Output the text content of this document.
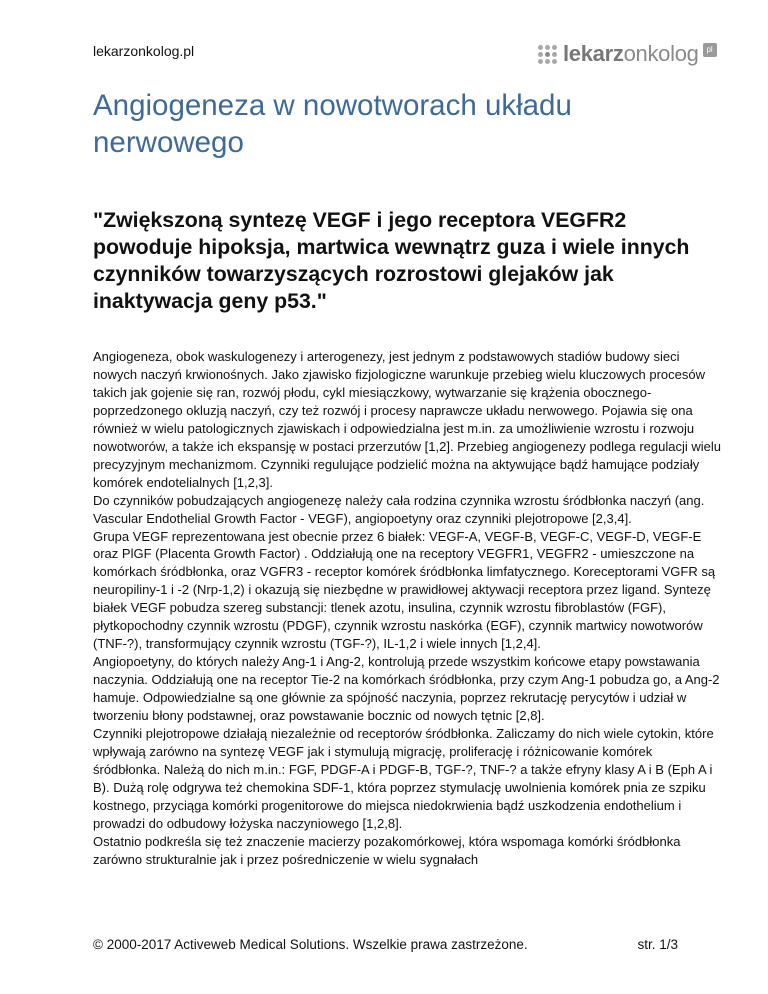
lekarzonkolog.pl	lekarzonkolog pl
Angiogeneza w nowotworach układu nerwowego
"Zwiększoną syntezę VEGF i jego receptora VEGFR2 powoduje hipoksja, martwica wewnątrz guza i wiele innych czynników towarzyszących rozrostowi glejaków jak inaktywacja geny p53."

Angiogeneza, obok waskulogenezy i arterogenezy, jest jednym z podstawowych stadiów budowy sieci nowych naczyń krwionośnych. Jako zjawisko fizjologiczne warunkuje przebieg wielu kluczowych procesów takich jak gojenie się ran, rozwój płodu, cykl miesiączkowy, wytwarzanie się krążenia obocznego- poprzedzonego okluzją naczyń, czy też rozwój i procesy naprawcze układu nerwowego. Pojawia się ona również w wielu patologicznych zjawiskach i odpowiedzialna jest m.in. za umożliwienie wzrostu i rozwoju nowotworów, a także ich ekspansję w postaci przerzutów [1,2]. Przebieg angiogenezy podlega regulacji wielu precyzyjnym mechanizmom. Czynniki regulujące podzielić można na aktywujące bądź hamujące podziały komórek endotelialnych [1,2,3].

Do czynników pobudzających angiogenezę należy cała rodzina czynnika wzrostu śródbłonka naczyń (ang. Vascular Endothelial Growth Factor - VEGF), angiopoetyny oraz czynniki plejotropowe [2,3,4].

Grupa VEGF reprezentowana jest obecnie przez 6 białek: VEGF-A, VEGF-B, VEGF-C, VEGF-D, VEGF-E oraz PlGF (Placenta Growth Factor) . Oddziałują one na receptory VEGFR1, VEGFR2 - umieszczone na komórkach śródbłonka, oraz VGFR3 - receptor komórek śródbłonka limfatycznego. Koreceptorami VGFR są neuropiliny-1 i -2 (Nrp-1,2) i okazują się niezbędne w prawidłowej aktywacji receptora przez ligand. Syntezę białek VEGF pobudza szereg substancji: tlenek azotu, insulina, czynnik wzrostu fibroblastów (FGF), płytkopochodny czynnik wzrostu (PDGF), czynnik wzrostu naskórka (EGF), czynnik martwicy nowotworów (TNF-?), transformujący czynnik wzrostu (TGF-?), IL-1,2 i wiele innych [1,2,4].

Angiopoetyny, do których należy Ang-1 i Ang-2, kontrolują przede wszystkim końcowe etapy powstawania naczynia. Oddziałują one na receptor Tie-2 na komórkach śródbłonka, przy czym Ang-1 pobudza go, a Ang-2 hamuje. Odpowiedzialne są one głównie za spójność naczynia, poprzez rekrutację perycytów i udział w tworzeniu błony podstawnej, oraz powstawanie bocznic od nowych tętnic [2,8].

Czynniki plejotropowe działają niezależnie od receptorów śródbłonka. Zaliczamy do nich wiele cytokin, które wpływają zarówno na syntezę VEGF jak i stymulują migrację, proliferację i różnicowanie komórek śródbłonka. Należą do nich m.in.: FGF, PDGF-A i PDGF-B, TGF-?, TNF-? a także efryny klasy A i B (Eph A i B). Dużą rolę odgrywa też chemokina SDF-1, która poprzez stymulację uwolnienia komórek pnia ze szpiku kostnego, przyciąga komórki progenitorowe do miejsca niedokrwienia bądź uszkodzenia endothelium i prowadzi do odbudowy łożyska naczyniowego [1,2,8].

Ostatnio podkreśla się też znaczenie macierzy pozakomórkowej, która wspomaga komórki śródbłonka zarówno strukturalnie jak i przez pośredniczenie w wielu sygnałach

© 2000-2017 Activeweb Medical Solutions. Wszelkie prawa zastrzeżone.	str. 1/3
